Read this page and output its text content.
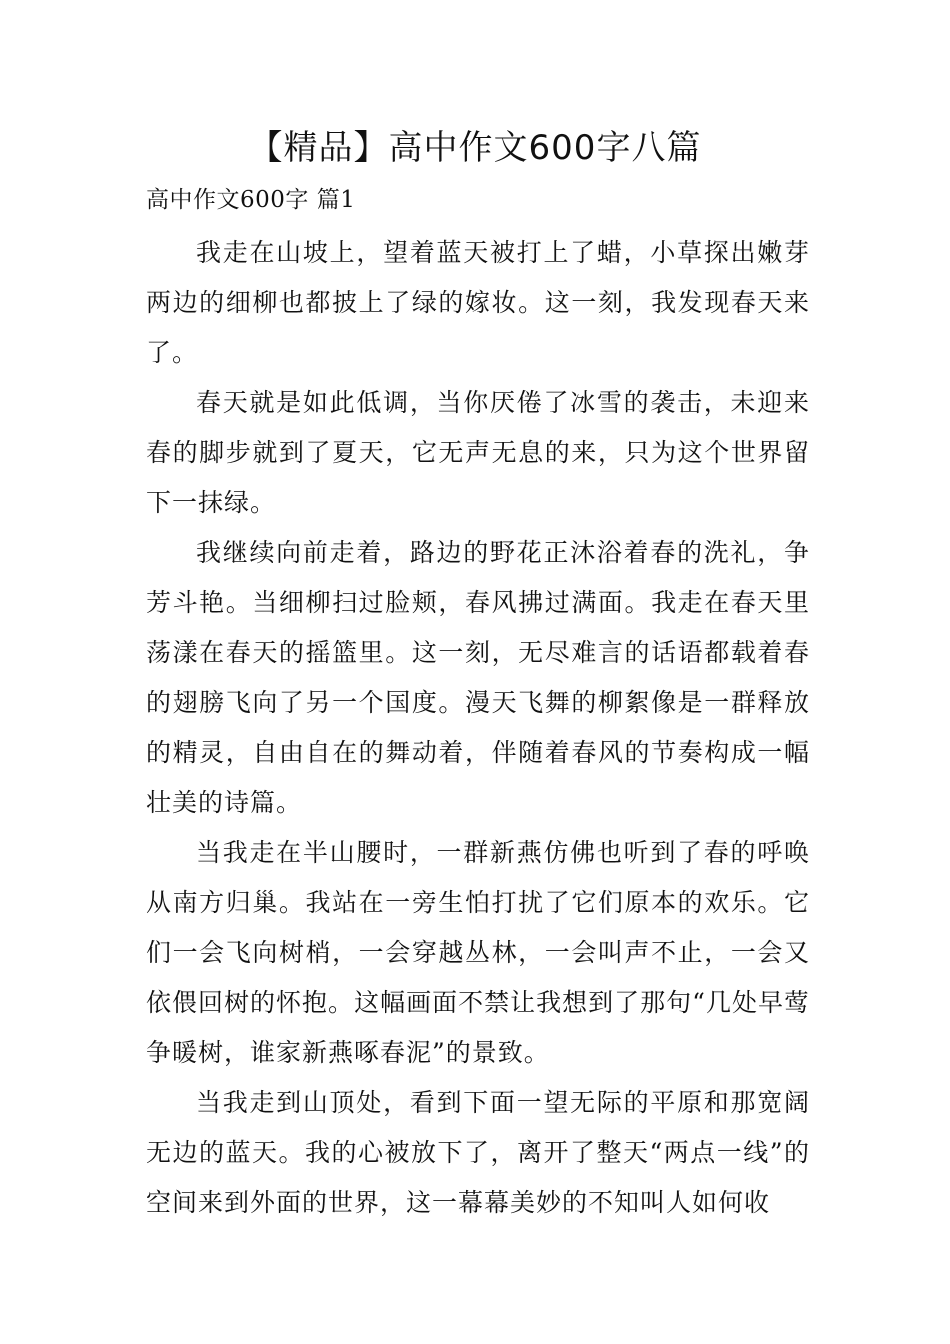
【精品】高中作文600字八篇
高中作文600字 篇1

我走在山坡上，望着蓝天被打上了蜡，小草探出嫩芽两边的细柳也都披上了绿的嫁妆。这一刻，我发现春天来了。

春天就是如此低调，当你厌倦了冰雪的袭击，未迎来春的脚步就到了夏天，它无声无息的来，只为这个世界留下一抹绿。

我继续向前走着，路边的野花正沐浴着春的洗礼，争芳斗艳。当细柳扫过脸颊，春风拂过满面。我走在春天里荡漾在春天的摇篮里。这一刻，无尽难言的话语都载着春的翅膀飞向了另一个国度。漫天飞舞的柳絮像是一群释放的精灵，自由自在的舞动着，伴随着春风的节奏构成一幅壮美的诗篇。

当我走在半山腰时，一群新燕仿佛也听到了春的呼唤从南方归巢。我站在一旁生怕打扰了它们原本的欢乐。它们一会飞向树梢，一会穿越丛林，一会叫声不止，一会又依偎回树的怀抱。这幅画面不禁让我想到了那句“几处早莺争暖树，谁家新燕啄春泥”的景致。

当我走到山顶处，看到下面一望无际的平原和那宽阔无边的蓝天。我的心被放下了，离开了整天“两点一线”的空间来到外面的世界，这一幕幕美妙的不知叫人如何收
